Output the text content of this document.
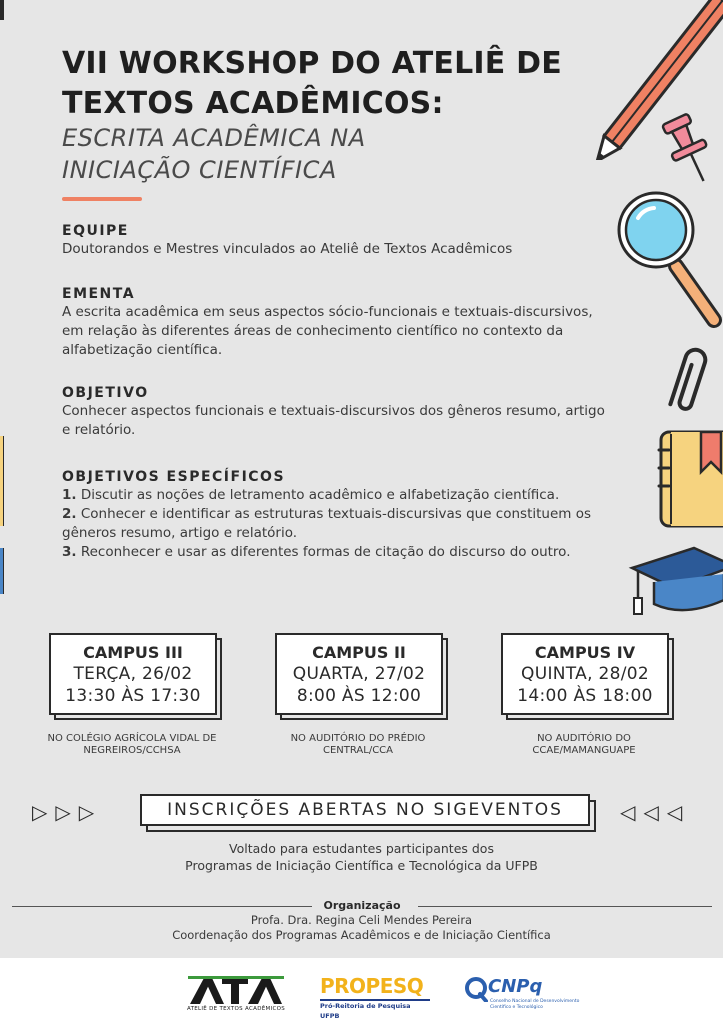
VII WORKSHOP DO ATELIÊ DE
TEXTOS ACADÊMICOS:
ESCRITA ACADÊMICA NA
INICIAÇÃO CIENTÍFICA
EQUIPE

Doutorandos e Mestres vinculados ao Ateliê de Textos Acadêmicos

EMENTA

A escrita acadêmica em seus aspectos sócio-funcionais e textuais-discursivos, em relação às diferentes áreas de conhecimento científico no contexto da alfabetização científica.

OBJETIVO

Conhecer aspectos funcionais e textuais-discursivos dos gêneros resumo, artigo e relatório.

OBJETIVOS ESPECÍFICOS

1. Discutir as noções de letramento acadêmico e alfabetização científica.

2. Conhecer e identificar as estruturas textuais-discursivas que constituem os gêneros resumo, artigo e relatório.

3. Reconhecer e usar as diferentes formas de citação do discurso do outro.

CAMPUS III
TERÇA, 26/02
13:30 ÀS 17:30
NO COLÉGIO AGRÍCOLA VIDAL DE NEGREIROS/CCHSA
CAMPUS II
QUARTA, 27/02
8:00 ÀS 12:00
NO AUDITÓRIO DO PRÉDIO CENTRAL/CCA
CAMPUS IV
QUINTA, 28/02
14:00 ÀS 18:00
NO AUDITÓRIO DO CCAE/MAMANGUAPE
▷▷▷	INSCRIÇÕES ABERTAS NO SIGEVENTOS	◁◁◁
Voltado para estudantes participantes dos
Programas de Iniciação Científica e Tecnológica da UFPB
Organização
Profa. Dra. Regina Celi Mendes Pereira
Coordenação dos Programas Acadêmicos e de Iniciação Científica
ATELIÊ DE TEXTOS ACADÊMICOS
PROPESQ
Pró-Reitoria de Pesquisa UFPB
CNPq
Conselho Nacional de Desenvolvimento
Científico e Tecnológico
